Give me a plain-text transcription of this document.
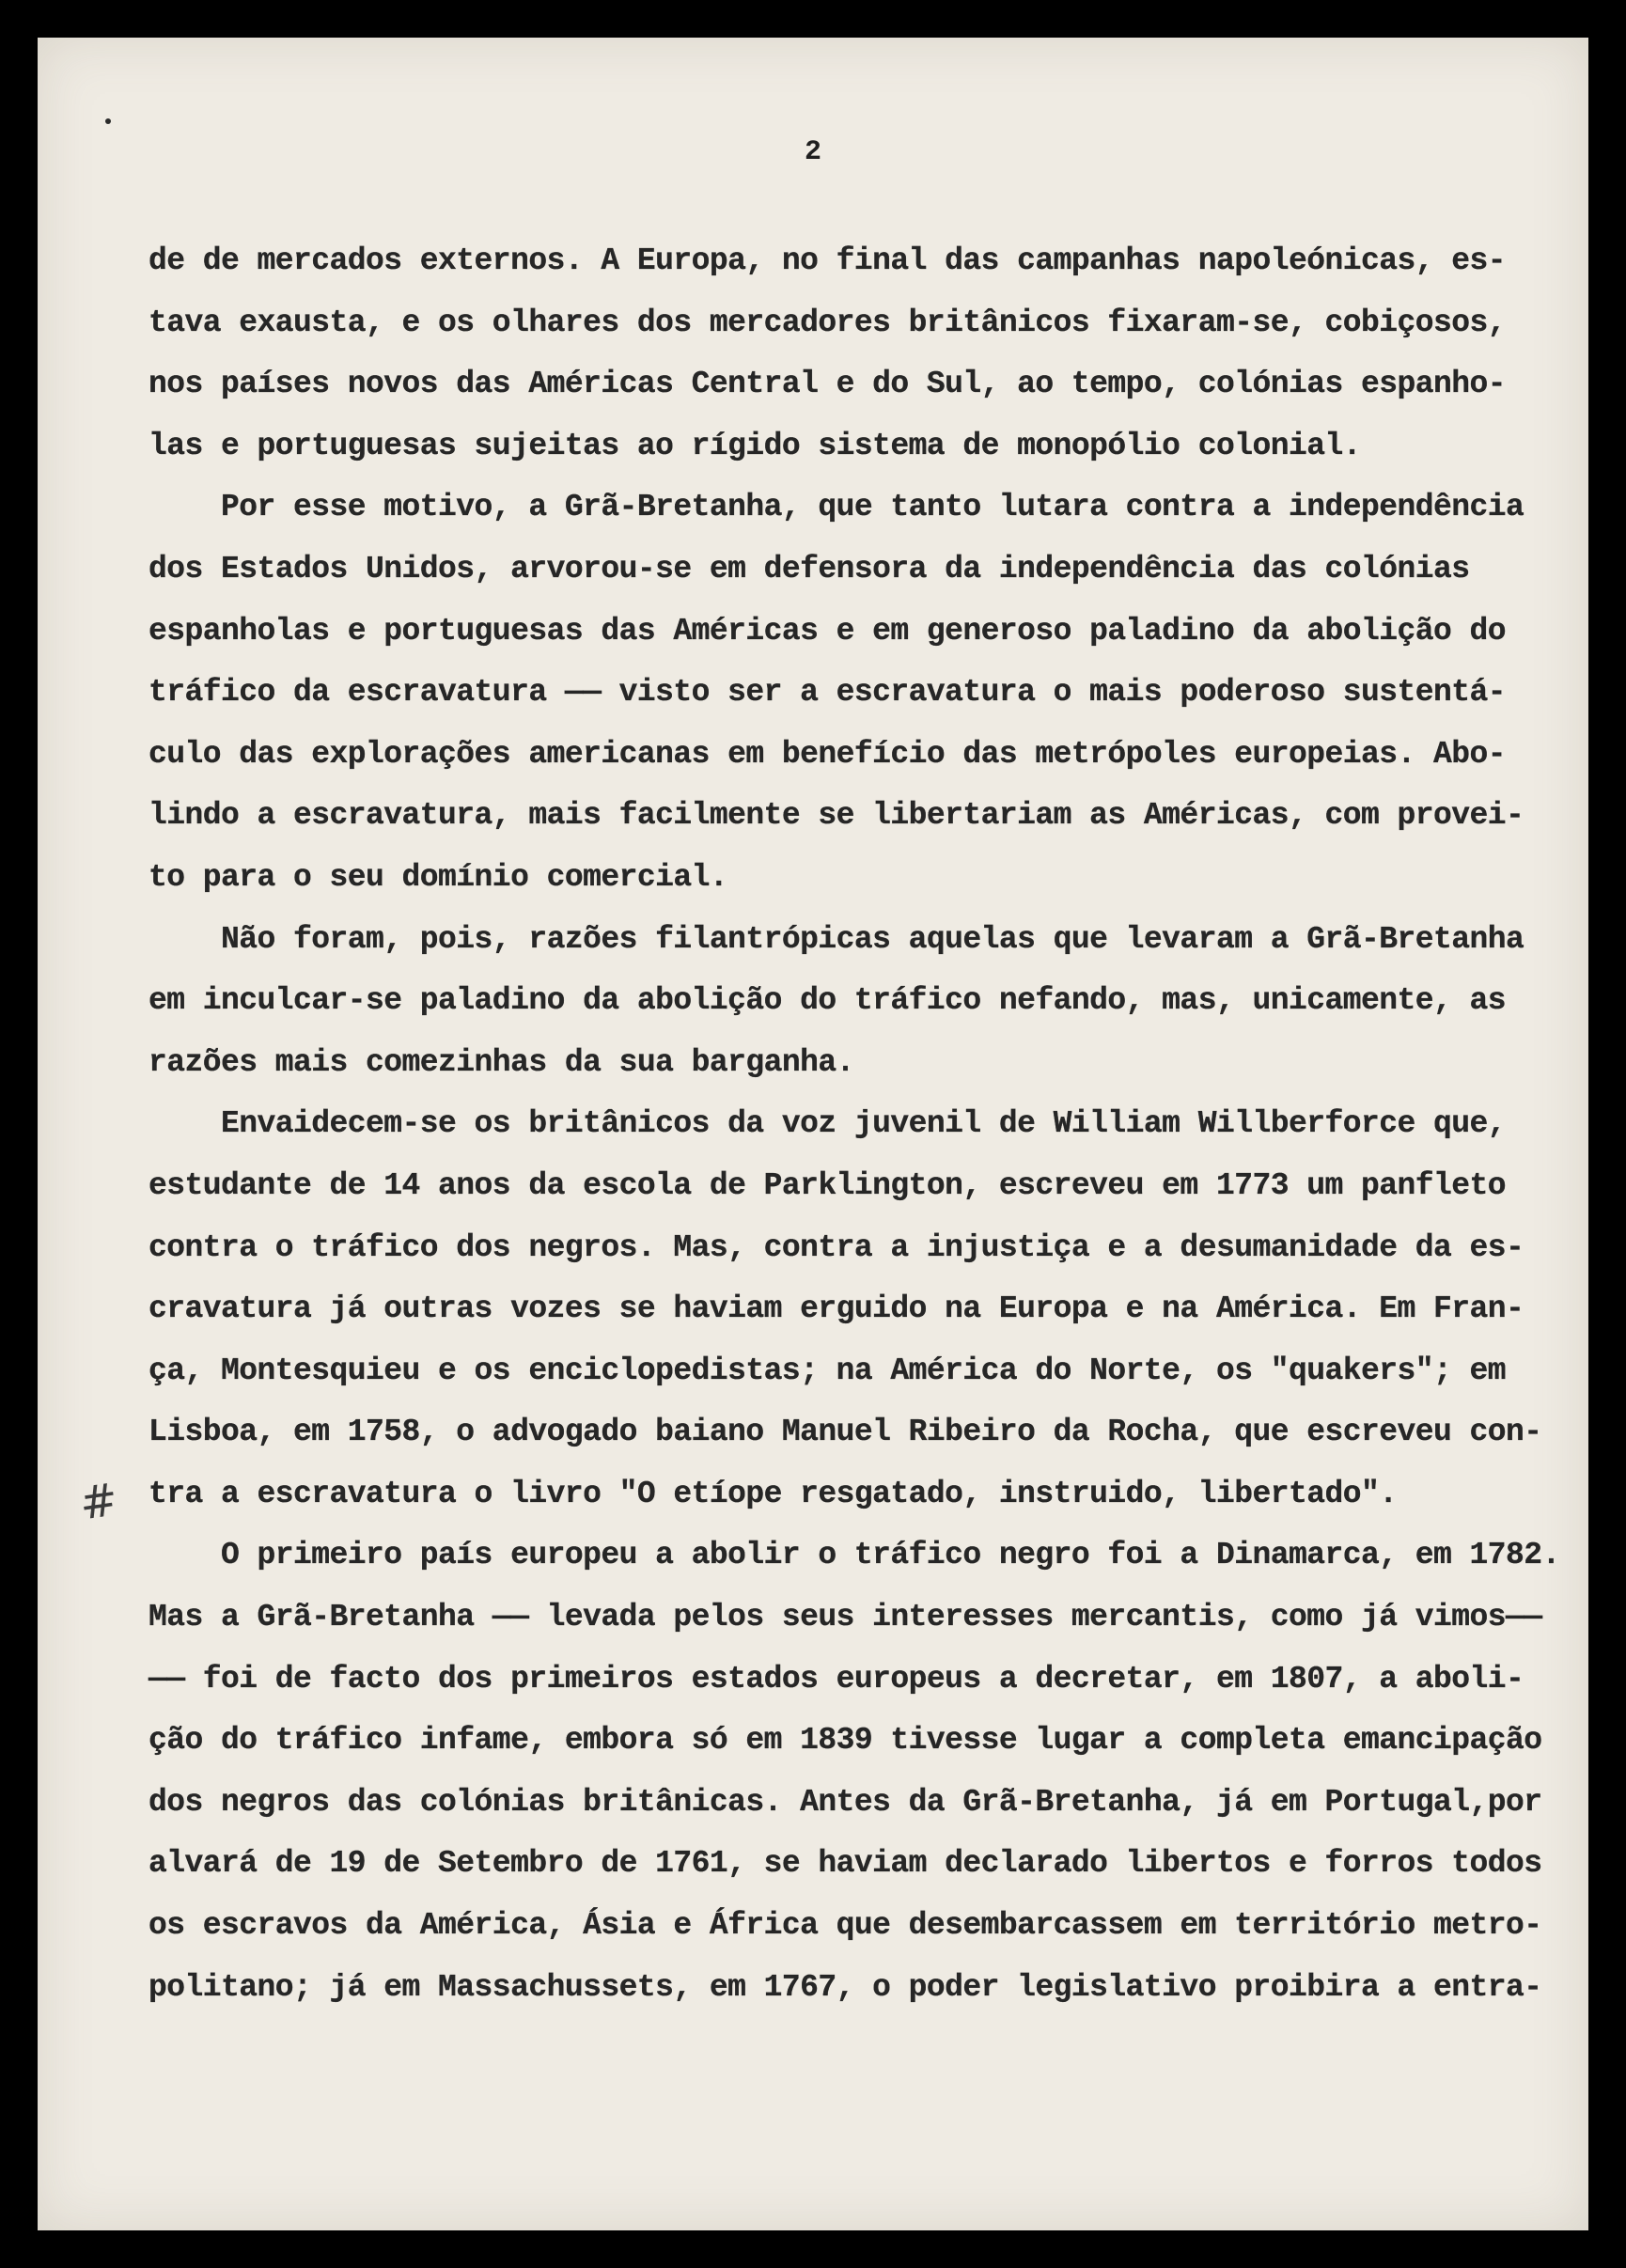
2
#
de de mercados externos. A Europa, no final das campanhas napoleónicas, es-
tava exausta, e os olhares dos mercadores britânicos fixaram-se, cobiçosos,
nos países novos das Américas Central e do Sul, ao tempo, colónias espanho-
las e portuguesas sujeitas ao rígido sistema de monopólio colonial.
Por esse motivo, a Grã-Bretanha, que tanto lutara contra a independência
dos Estados Unidos, arvorou-se em defensora da independência das colónias
espanholas e portuguesas das Américas e em generoso paladino da abolição do
tráfico da escravatura —— visto ser a escravatura o mais poderoso sustentá-
culo das explorações americanas em benefício das metrópoles europeias. Abo-
lindo a escravatura, mais facilmente se libertariam as Américas, com provei-
to para o seu domínio comercial.
Não foram, pois, razões filantrópicas aquelas que levaram a Grã-Bretanha
em inculcar-se paladino da abolição do tráfico nefando, mas, unicamente, as
razões mais comezinhas da sua barganha.
Envaidecem-se os britânicos da voz juvenil de William Willberforce que,
estudante de 14 anos da escola de Parklington, escreveu em 1773 um panfleto
contra o tráfico dos negros. Mas, contra a injustiça e a desumanidade da es-
cravatura já outras vozes se haviam erguido na Europa e na América. Em Fran-
ça, Montesquieu e os enciclopedistas; na América do Norte, os "quakers"; em
Lisboa, em 1758, o advogado baiano Manuel Ribeiro da Rocha, que escreveu con-
tra a escravatura o livro "O etíope resgatado, instruido, libertado".
O primeiro país europeu a abolir o tráfico negro foi a Dinamarca, em 1782.
Mas a Grã-Bretanha —— levada pelos seus interesses mercantis, como já vimos——
—— foi de facto dos primeiros estados europeus a decretar, em 1807, a aboli-
ção do tráfico infame, embora só em 1839 tivesse lugar a completa emancipação
dos negros das colónias britânicas. Antes da Grã-Bretanha, já em Portugal,por
alvará de 19 de Setembro de 1761, se haviam declarado libertos e forros todos
os escravos da América, Ásia e África que desembarcassem em território metro-
politano; já em Massachussets, em 1767, o poder legislativo proibira a entra-
